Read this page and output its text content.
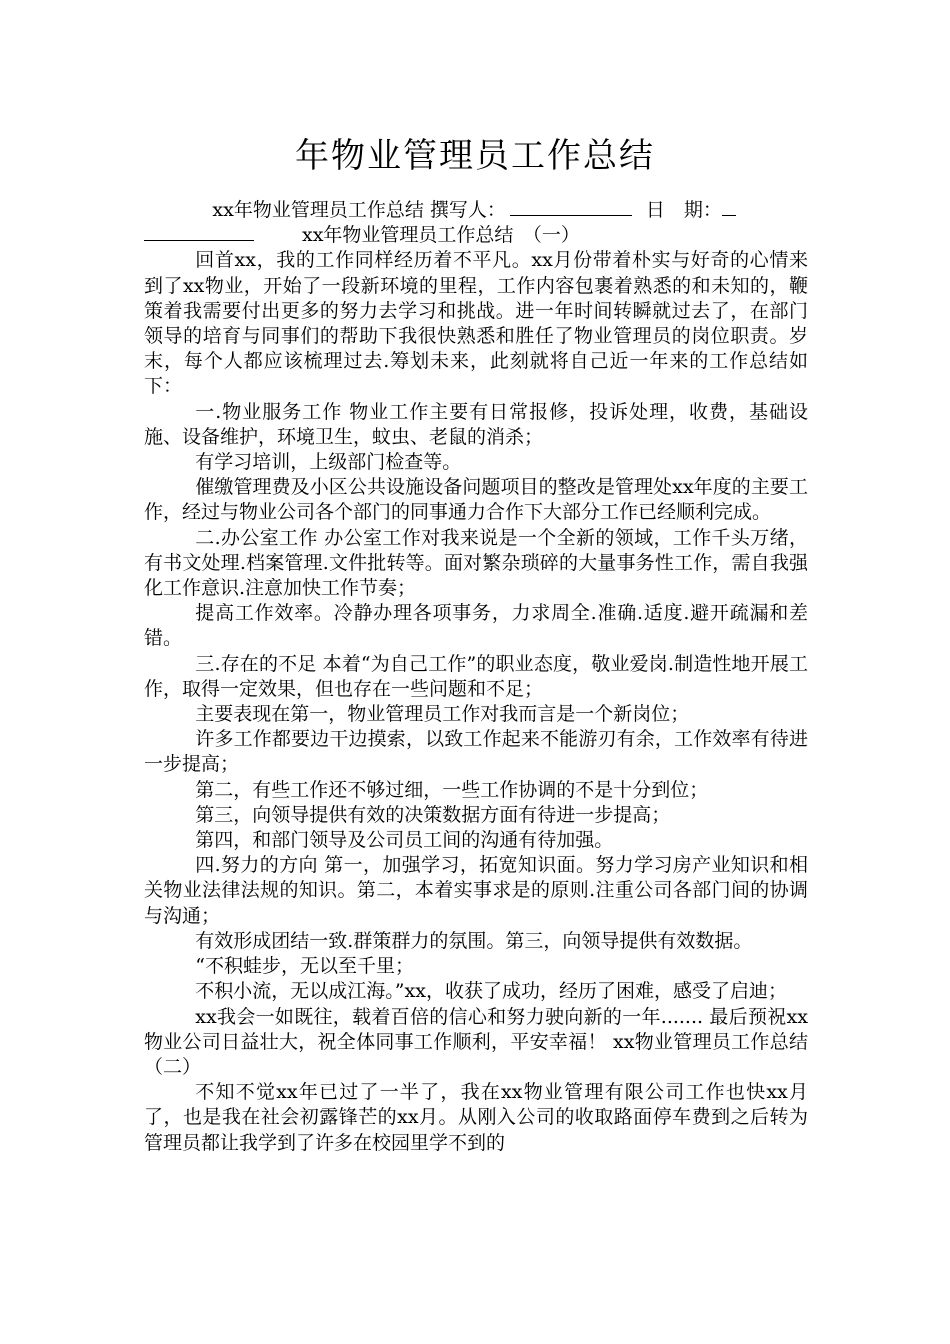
年物业管理员工作总结

xx年物业管理员工作总结 撰写人：	日　期：

xx年物业管理员工作总结　（一）

回首xx，我的工作同样经历着不平凡。xx月份带着朴实与好奇的心情来到了xx物业，开始了一段新环境的里程，工作内容包裹着熟悉的和未知的，鞭策着我需要付出更多的努力去学习和挑战。进一年时间转瞬就过去了，在部门领导的培育与同事们的帮助下我很快熟悉和胜任了物业管理员的岗位职责。岁末，每个人都应该梳理过去.筹划未来，此刻就将自己近一年来的工作总结如下：

一.物业服务工作 物业工作主要有日常报修，投诉处理，收费，基础设施、设备维护，环境卫生，蚊虫、老鼠的消杀；

有学习培训，上级部门检查等。

催缴管理费及小区公共设施设备问题项目的整改是管理处xx年度的主要工作，经过与物业公司各个部门的同事通力合作下大部分工作已经顺利完成。

二.办公室工作 办公室工作对我来说是一个全新的领域，工作千头万绪，有书文处理.档案管理.文件批转等。面对繁杂琐碎的大量事务性工作，需自我强化工作意识.注意加快工作节奏；

提高工作效率。冷静办理各项事务，力求周全.准确.适度.避开疏漏和差错。

三.存在的不足 本着“为自己工作”的职业态度，敬业爱岗.制造性地开展工作，取得一定效果，但也存在一些问题和不足；

主要表现在第一，物业管理员工作对我而言是一个新岗位；

许多工作都要边干边摸索，以致工作起来不能游刃有余，工作效率有待进一步提高；

第二，有些工作还不够过细，一些工作协调的不是十分到位；

第三，向领导提供有效的决策数据方面有待进一步提高；

第四，和部门领导及公司员工间的沟通有待加强。

四.努力的方向 第一，加强学习，拓宽知识面。努力学习房产业知识和相关物业法律法规的知识。第二，本着实事求是的原则.注重公司各部门间的协调与沟通；

有效形成团结一致.群策群力的氛围。第三，向领导提供有效数据。

“不积蛙步，无以至千里；

不积小流，无以成江海。”xx，收获了成功，经历了困难，感受了启迪；

xx我会一如既往，载着百倍的信心和努力驶向新的一年....... 最后预祝xx物业公司日益壮大，祝全体同事工作顺利，平安幸福！ xx物业管理员工作总结（二）

不知不觉xx年已过了一半了，我在xx物业管理有限公司工作也快xx月了，也是我在社会初露锋芒的xx月。从刚入公司的收取路面停车费到之后转为管理员都让我学到了许多在校园里学不到的
